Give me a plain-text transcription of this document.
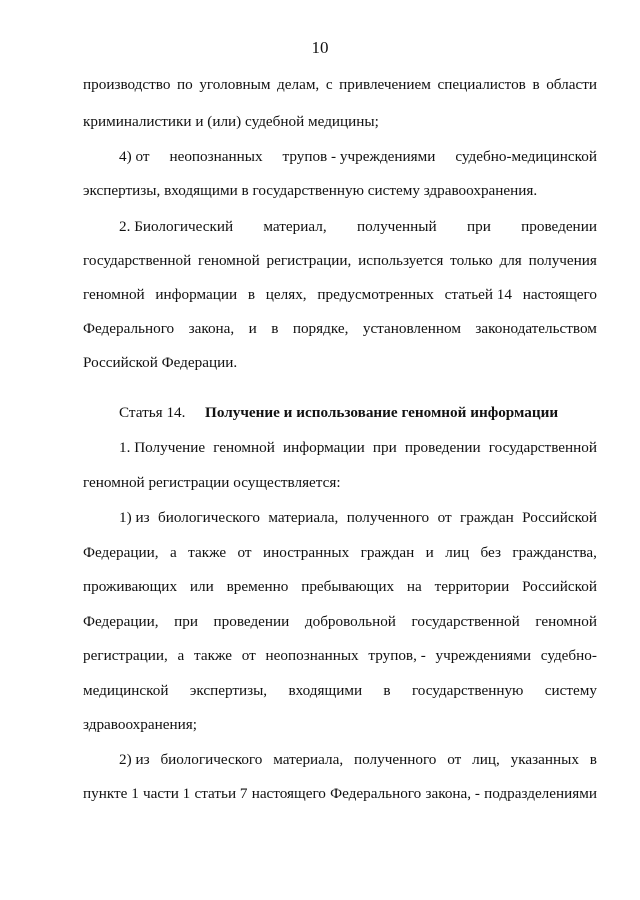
10
производство по уголовным делам, с привлечением специалистов в области
криминалистики и (или) судебной медицины;
4) от неопознанных трупов - учреждениями судебно-медицинской
экспертизы, входящими в государственную систему здравоохранения.
2. Биологический материал, полученный при проведении
государственной геномной регистрации, используется только для получения
геномной информации в целях, предусмотренных статьей 14 настоящего
Федерального закона, и в порядке, установленном законодательством
Российской Федерации.
Статья 14. Получение и использование геномной информации
1. Получение геномной информации при проведении государственной
геномной регистрации осуществляется:
1) из биологического материала, полученного от граждан Российской
Федерации, а также от иностранных граждан и лиц без гражданства,
проживающих или временно пребывающих на территории Российской
Федерации, при проведении добровольной государственной геномной
регистрации, а также от неопознанных трупов, - учреждениями судебно-
медицинской экспертизы, входящими в государственную систему
здравоохранения;
2) из биологического материала, полученного от лиц, указанных в
пункте 1 части 1 статьи 7 настоящего Федерального закона, - подразделениями
